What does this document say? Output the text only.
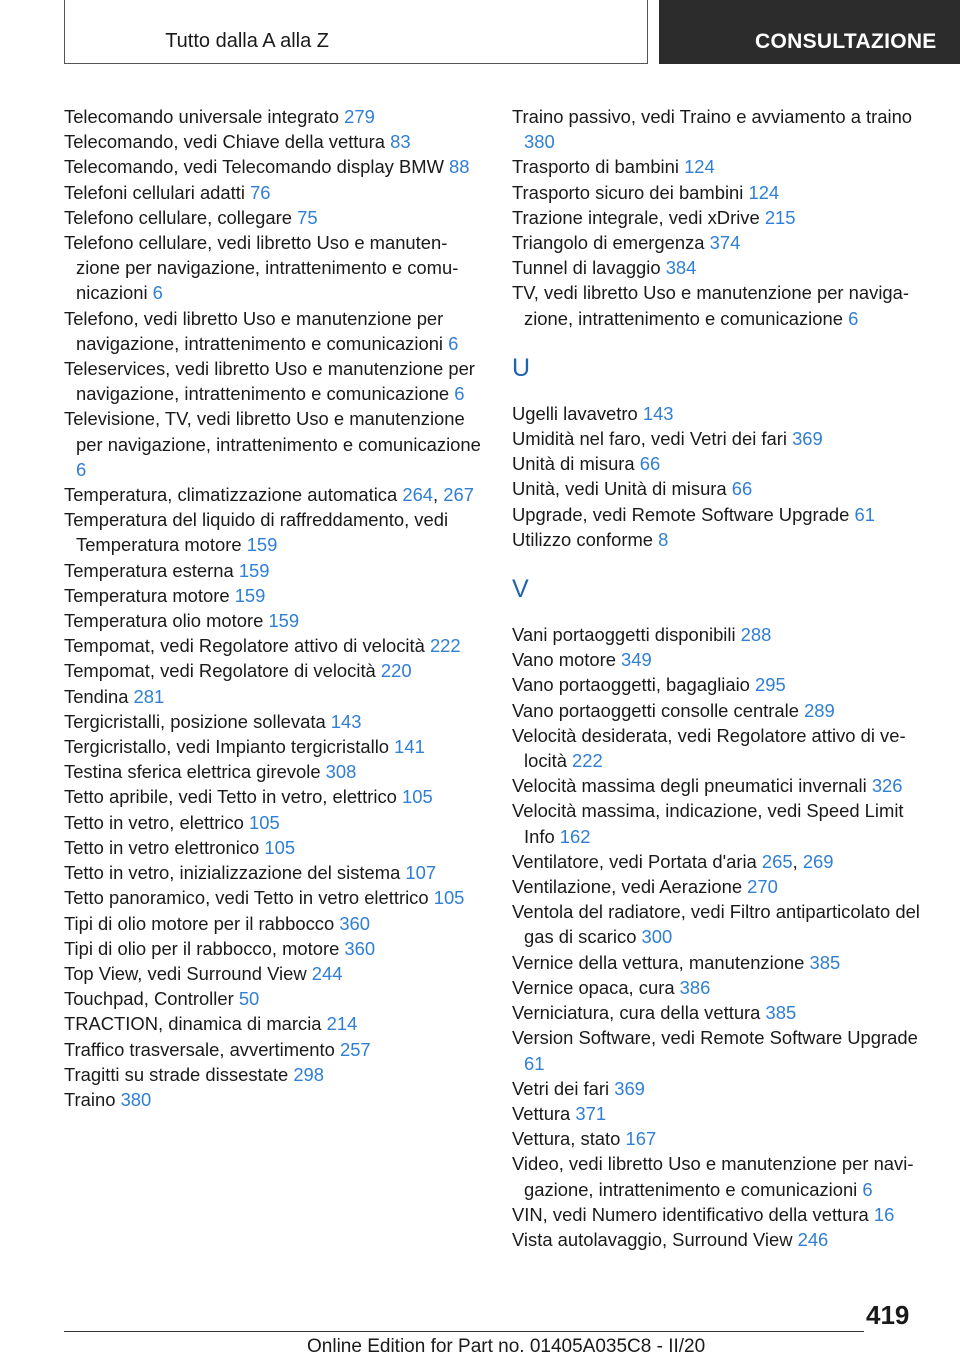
Tutto dalla A alla Z	CONSULTAZIONE
Telecomando universale integrato 279
Telecomando, vedi Chiave della vettura 83
Telecomando, vedi Telecomando display BMW 88
Telefoni cellulari adatti 76
Telefono cellulare, collegare 75
Telefono cellulare, vedi libretto Uso e manutenzione per navigazione, intrattenimento e comunicazioni 6
Telefono, vedi libretto Uso e manutenzione per navigazione, intrattenimento e comunicazioni 6
Teleservices, vedi libretto Uso e manutenzione per navigazione, intrattenimento e comunicazione 6
Televisione, TV, vedi libretto Uso e manutenzione per navigazione, intrattenimento e comunicazione 6
Temperatura, climatizzazione automatica 264, 267
Temperatura del liquido di raffreddamento, vedi Temperatura motore 159
Temperatura esterna 159
Temperatura motore 159
Temperatura olio motore 159
Tempomat, vedi Regolatore attivo di velocità 222
Tempomat, vedi Regolatore di velocità 220
Tendina 281
Tergicristalli, posizione sollevata 143
Tergicristallo, vedi Impianto tergicristallo 141
Testina sferica elettrica girevole 308
Tetto apribile, vedi Tetto in vetro, elettrico 105
Tetto in vetro, elettrico 105
Tetto in vetro elettronico 105
Tetto in vetro, inizializzazione del sistema 107
Tetto panoramico, vedi Tetto in vetro elettrico 105
Tipi di olio motore per il rabbocco 360
Tipi di olio per il rabbocco, motore 360
Top View, vedi Surround View 244
Touchpad, Controller 50
TRACTION, dinamica di marcia 214
Traffico trasversale, avvertimento 257
Tragitti su strade dissestate 298
Traino 380
Traino passivo, vedi Traino e avviamento a traino 380
Trasporto di bambini 124
Trasporto sicuro dei bambini 124
Trazione integrale, vedi xDrive 215
Triangolo di emergenza 374
Tunnel di lavaggio 384
TV, vedi libretto Uso e manutenzione per navigazione, intrattenimento e comunicazione 6
U
Ugelli lavavetro 143
Umidità nel faro, vedi Vetri dei fari 369
Unità di misura 66
Unità, vedi Unità di misura 66
Upgrade, vedi Remote Software Upgrade 61
Utilizzo conforme 8
V
Vani portaoggetti disponibili 288
Vano motore 349
Vano portaoggetti, bagagliaio 295
Vano portaoggetti consolle centrale 289
Velocità desiderata, vedi Regolatore attivo di velocità 222
Velocità massima degli pneumatici invernali 326
Velocità massima, indicazione, vedi Speed Limit Info 162
Ventilatore, vedi Portata d'aria 265, 269
Ventilazione, vedi Aerazione 270
Ventola del radiatore, vedi Filtro antiparticolato del gas di scarico 300
Vernice della vettura, manutenzione 385
Vernice opaca, cura 386
Verniciatura, cura della vettura 385
Version Software, vedi Remote Software Upgrade 61
Vetri dei fari 369
Vettura 371
Vettura, stato 167
Video, vedi libretto Uso e manutenzione per navigazione, intrattenimento e comunicazioni 6
VIN, vedi Numero identificativo della vettura 16
Vista autolavaggio, Surround View 246
419
Online Edition for Part no. 01405A035C8 - II/20
